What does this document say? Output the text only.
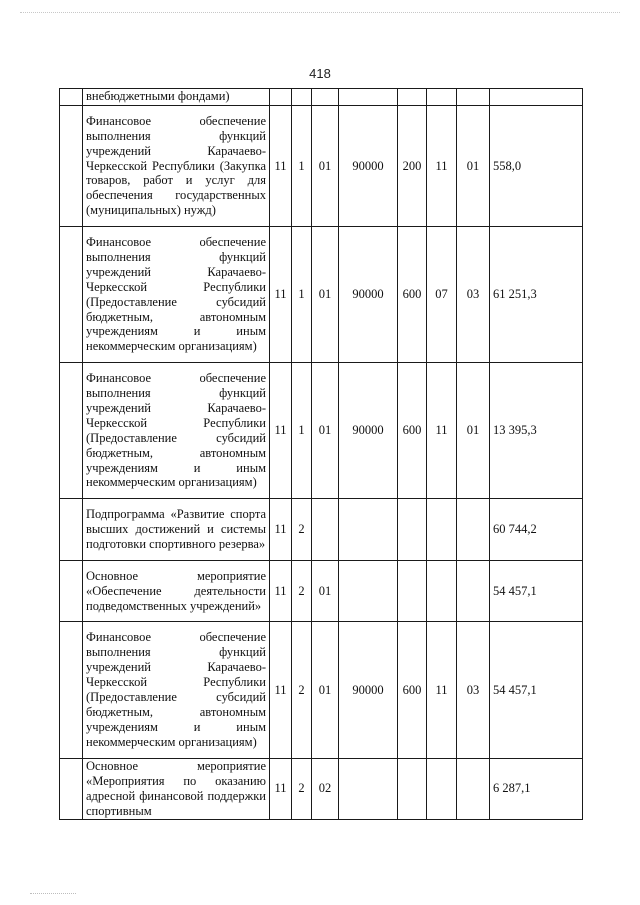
418

	внебюджетными фондами)								

	Финансовое обеспечение выполнения функций учреждений Карачаево-Черкесской Республики (Закупка товаров, работ и услуг для обеспечения государственных (муниципальных) нужд)	11	1	01	90000	200	11	01	558,0

	Финансовое обеспечение выполнения функций учреждений Карачаево-Черкесской Республики (Предоставление субсидий бюджетным, автономным учреждениям и иным некоммерческим организациям)	11	1	01	90000	600	07	03	61 251,3

	Финансовое обеспечение выполнения функций учреждений Карачаево-Черкесской Республики (Предоставление субсидий бюджетным, автономным учреждениям и иным некоммерческим организациям)	11	1	01	90000	600	11	01	13 395,3

	Подпрограмма «Развитие спорта высших достижений и системы подготовки спортивного резерва»	11	2						60 744,2

	Основное мероприятие «Обеспечение деятельности подведомственных учреждений»	11	2	01					54 457,1

	Финансовое обеспечение выполнения функций учреждений Карачаево-Черкесской Республики (Предоставление субсидий бюджетным, автономным учреждениям и иным некоммерческим организациям)	11	2	01	90000	600	11	03	54 457,1

	Основное мероприятие «Мероприятия по оказанию адресной финансовой поддержки спортивным	11	2	02					6 287,1
